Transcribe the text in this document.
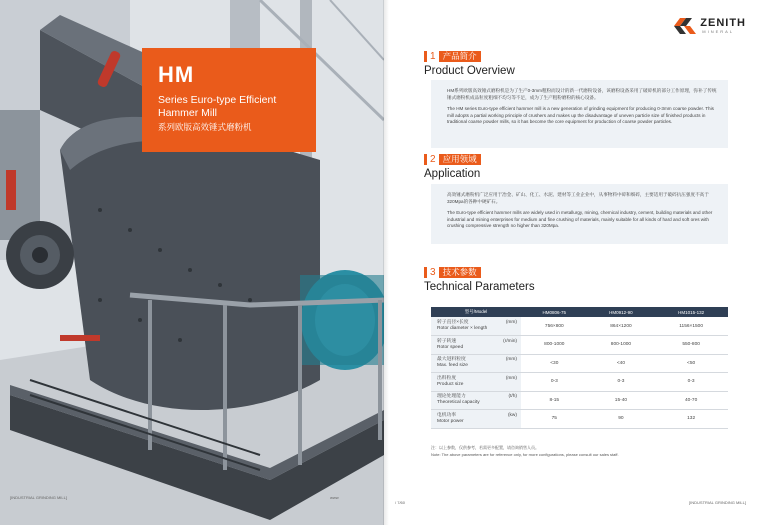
HM
Series Euro-type Efficient
Hammer Mill
系列欧版高效锤式磨粉机
[INDUSTRIAL GRINDING MILL]	www
ZENITH
MINERAL
1 产品简介
Product Overview

HM系列欧版高效锤式磨粉机是为了生产0-3mm粗粉而设计的新一代磨粉设备，该磨粉设备采用了破碎机的部分工作原理，弥补了传统锤式磨粉机成品粒度粗细不均匀等不足，成为了生产粗粉磨粉的核心设备。

The HM series Euro-type efficient hammer mill is a new generation of grinding equipment for producing 0-3mm coarse powder. This mill adopts a partial working principle of crushers and makes up the disadvantage of uneven particle size of finished products in traditional coarse powder mills, so it has become the core equipment for production of coarse powder particles.

2 应用领域
Application

高效锤式磨粉机广泛应用于冶金、矿山、化工、水泥、建材等工业企业中，从事物料中碎和细碎，主要适用于破碎抗压强度不高于320Mpa的各种中硬矿石。

The Euro-type efficient hammer mills are widely used in metallurgy, mining, chemical industry, cement, building materials and other industrial and mining enterprises for medium and fine crushing of materials, mainly suitable for all kinds of hard and soft ores with crushing compressive strength no higher than 320Mpa.

3 技术参数
Technical Parameters
型号/Model	HM0806-75	HM0912-90	HM1015-132
转子直径×长度 (mm)

Rotor diameter × length	756×800	864×1200	1156×1500
转子转速 (r/min)

Rotor speed	800-1000	800-1000	550-800
最大进料粒度 (mm)

Max. feed size	<30	<40	<50
出料粒度 (mm)

Product size	0-3	0-3	0-3
理论处理能力 (t/h)

Theoretical capacity	8-15	15-40	40-70
电机功率 (kw)

Motor power	75	90	132
注：以上参数，仅供参考，若需更多配置，请咨询销售人员。
Note: The above parameters are for reference only, for more configurations, please consult our sales staff.
/ 7/60	[INDUSTRIAL GRINDING MILL]
